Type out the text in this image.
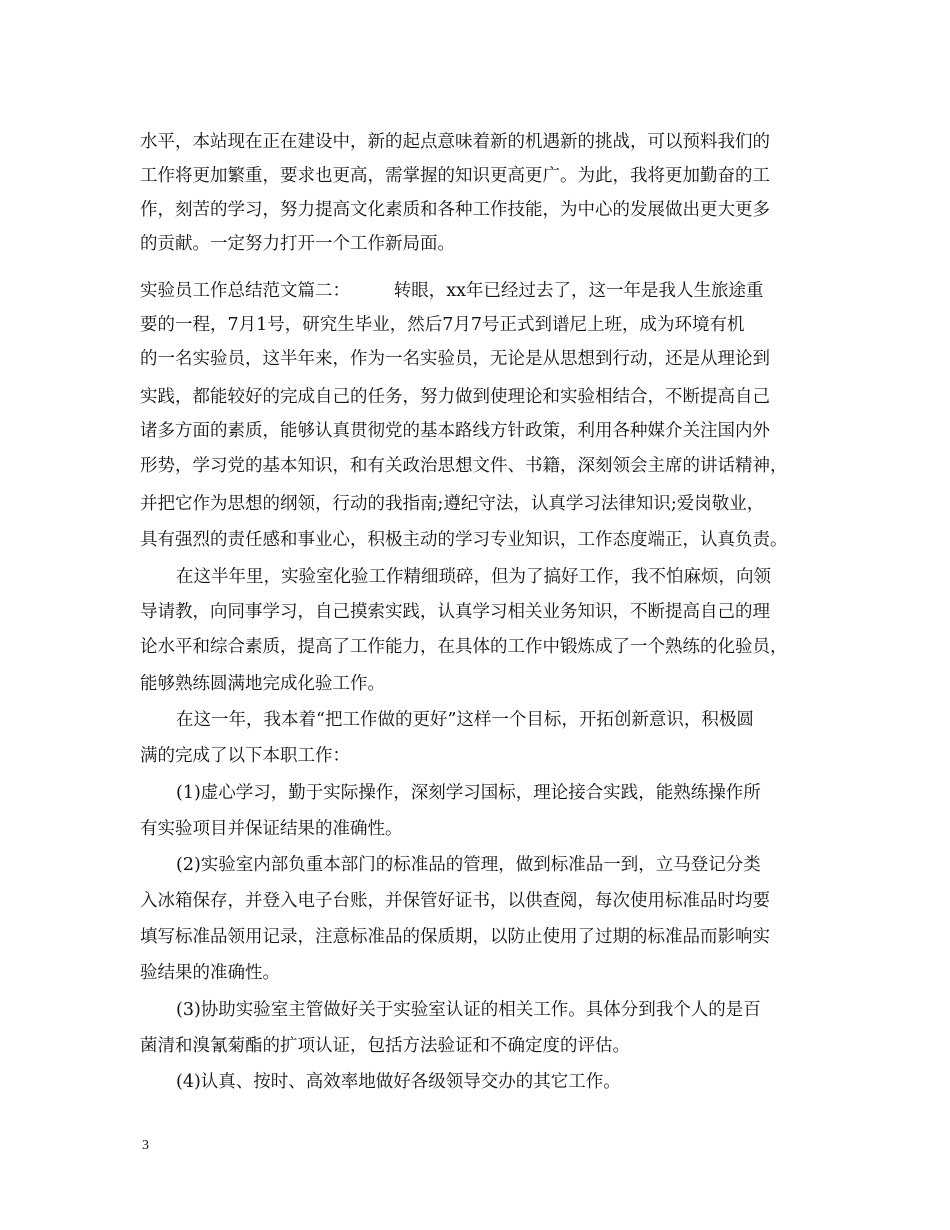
水平，本站现在正在建设中，新的起点意味着新的机遇新的挑战，可以预料我们的
工作将更加繁重，要求也更高，需掌握的知识更高更广。为此，我将更加勤奋的工
作，刻苦的学习，努力提高文化素质和各种工作技能，为中心的发展做出更大更多
的贡献。一定努力打开一个工作新局面。
实验员工作总结范文篇二：　　　转眼，xx年已经过去了，这一年是我人生旅途重
要的一程，7月1号，研究生毕业，然后7月7号正式到谱尼上班，成为环境有机
的一名实验员，这半年来，作为一名实验员，无论是从思想到行动，还是从理论到
实践，都能较好的完成自己的任务，努力做到使理论和实验相结合，不断提高自己
诸多方面的素质，能够认真贯彻党的基本路线方针政策，利用各种媒介关注国内外
形势，学习党的基本知识，和有关政治思想文件、书籍，深刻领会主席的讲话精神，
并把它作为思想的纲领，行动的我指南;遵纪守法，认真学习法律知识;爱岗敬业，
具有强烈的责任感和事业心，积极主动的学习专业知识，工作态度端正，认真负责。
在这半年里，实验室化验工作精细琐碎，但为了搞好工作，我不怕麻烦，向领
导请教，向同事学习，自己摸索实践，认真学习相关业务知识，不断提高自己的理
论水平和综合素质，提高了工作能力，在具体的工作中锻炼成了一个熟练的化验员，
能够熟练圆满地完成化验工作。
在这一年，我本着“把工作做的更好”这样一个目标，开拓创新意识，积极圆
满的完成了以下本职工作：
(1)虚心学习，勤于实际操作，深刻学习国标，理论接合实践，能熟练操作所
有实验项目并保证结果的准确性。
(2)实验室内部负重本部门的标准品的管理，做到标准品一到，立马登记分类
入冰箱保存，并登入电子台账，并保管好证书，以供查阅，每次使用标准品时均要
填写标准品领用记录，注意标准品的保质期，以防止使用了过期的标准品而影响实
验结果的准确性。
(3)协助实验室主管做好关于实验室认证的相关工作。具体分到我个人的是百
菌清和溴氰菊酯的扩项认证，包括方法验证和不确定度的评估。
(4)认真、按时、高效率地做好各级领导交办的其它工作。
3
